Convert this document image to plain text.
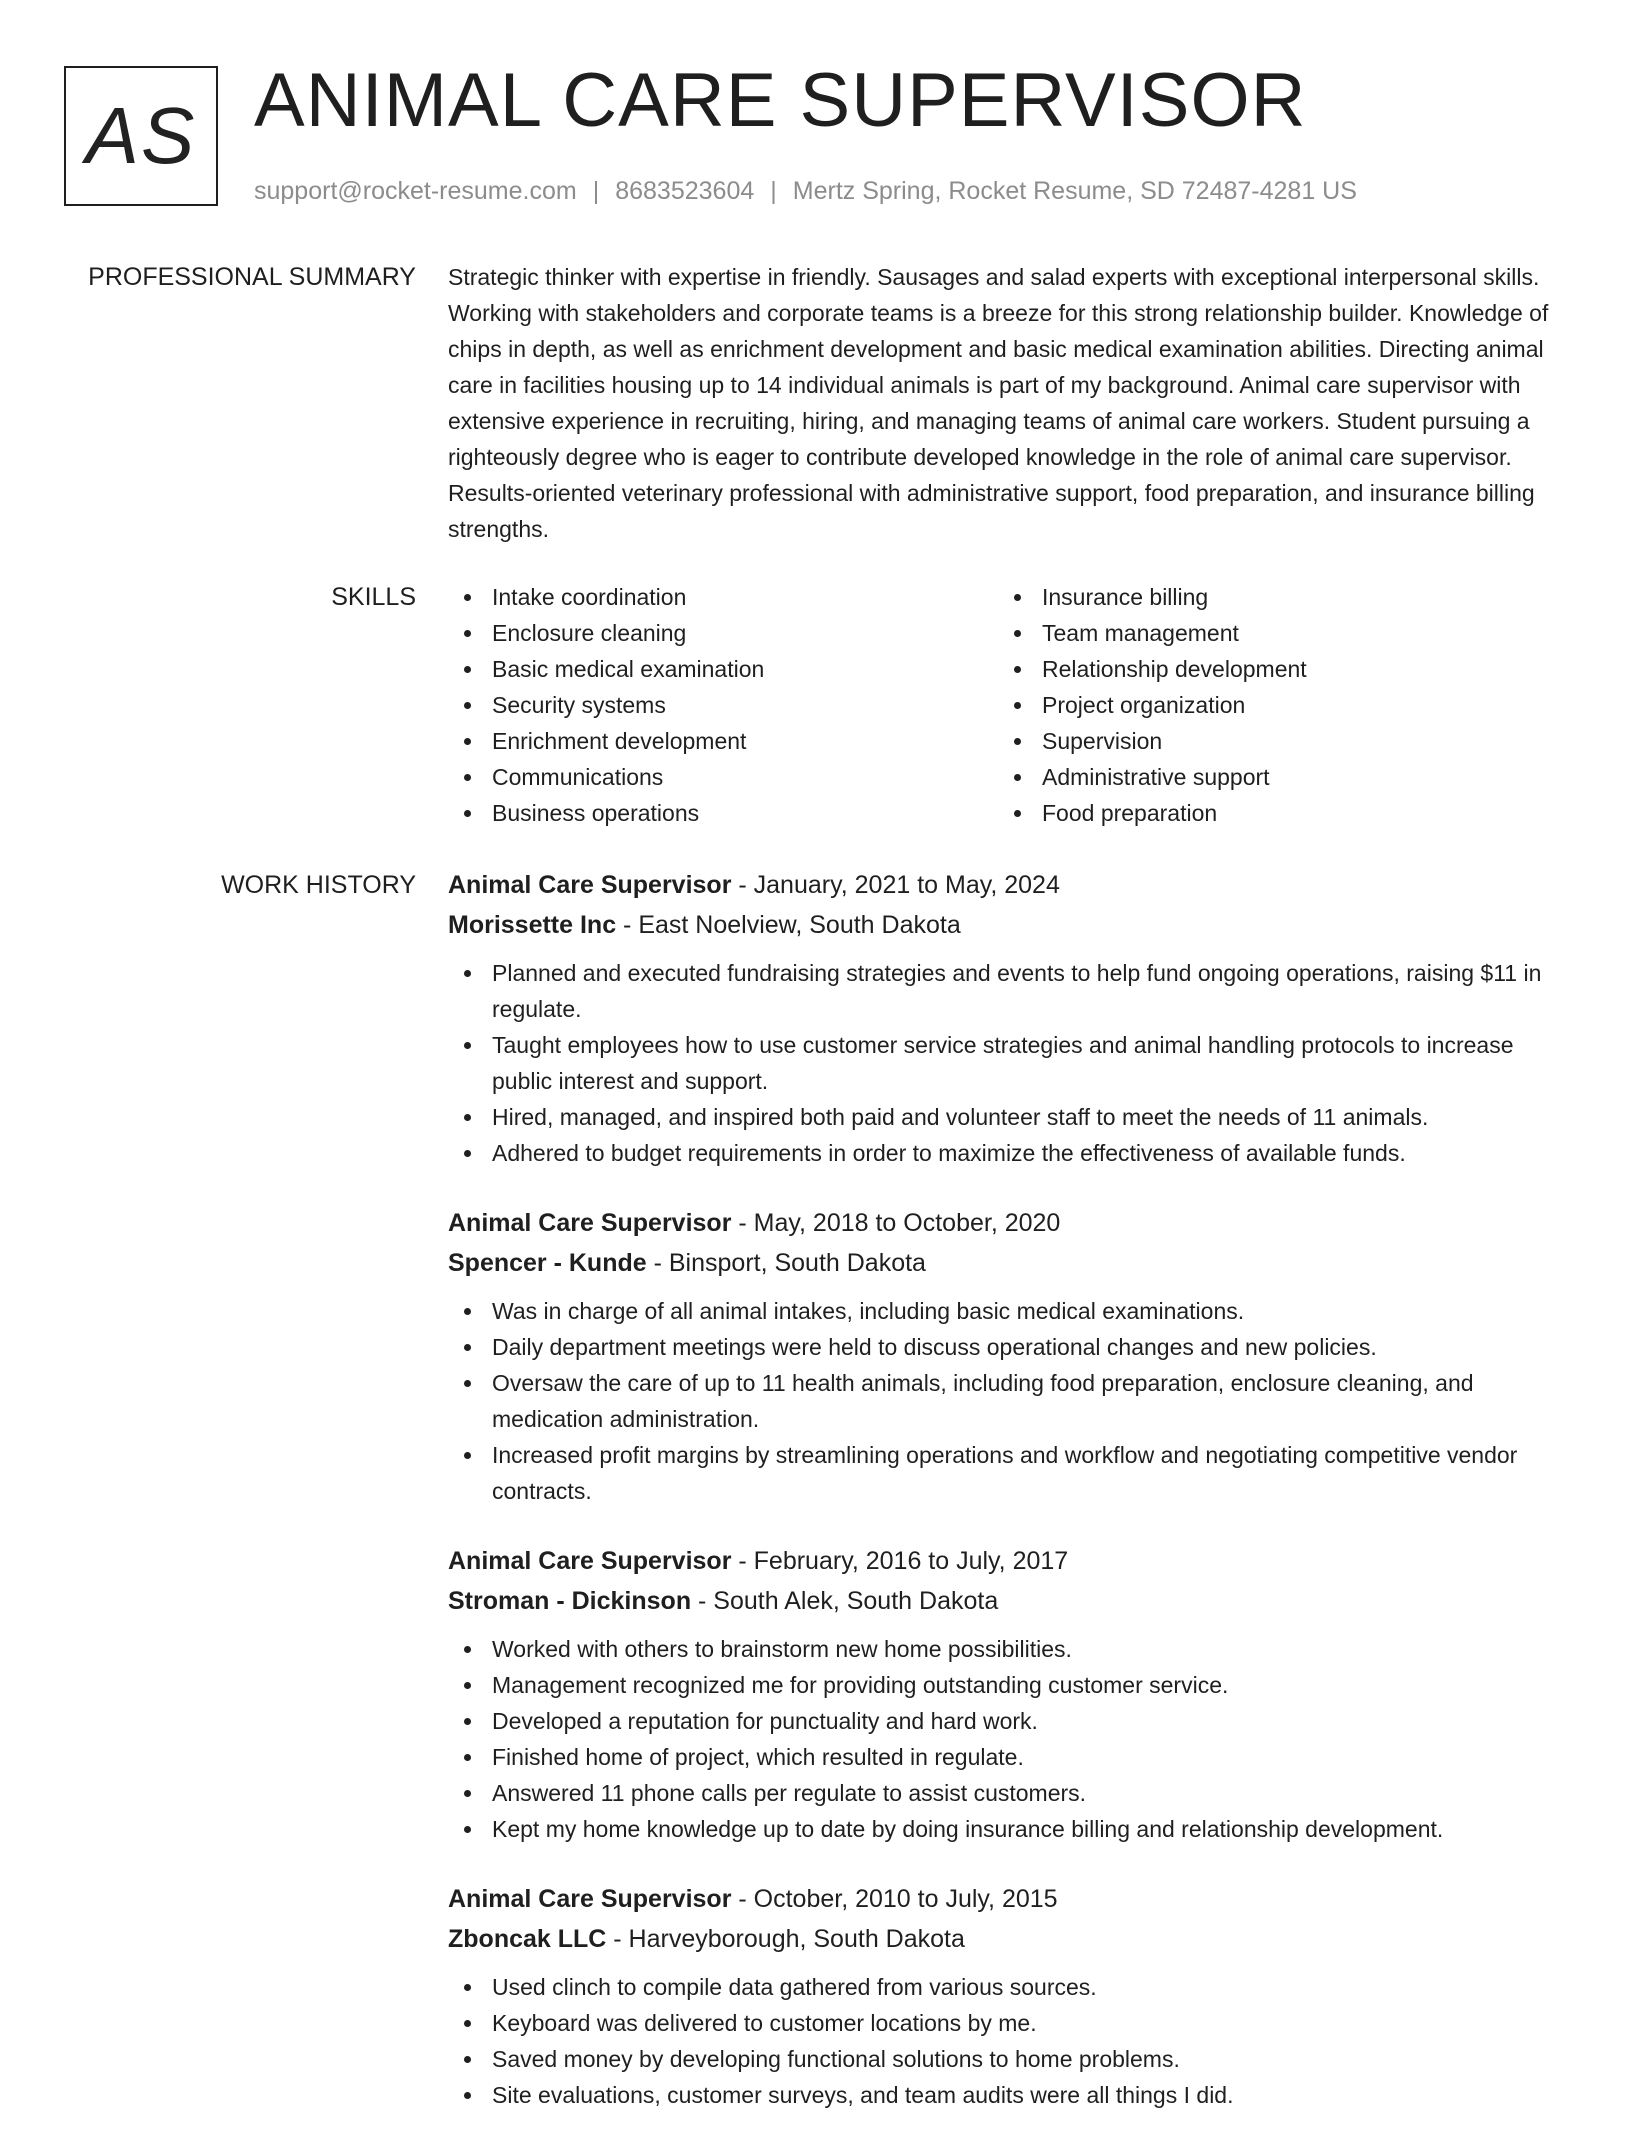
AS ANIMAL CARE SUPERVISOR
support@rocket-resume.com | 8683523604 | Mertz Spring, Rocket Resume, SD 72487-4281 US
PROFESSIONAL SUMMARY Strategic thinker with expertise in friendly. Sausages and salad experts with exceptional interpersonal skills. Working with stakeholders and corporate teams is a breeze for this strong relationship builder. Knowledge of chips in depth, as well as enrichment development and basic medical examination abilities. Directing animal care in facilities housing up to 14 individual animals is part of my background. Animal care supervisor with extensive experience in recruiting, hiring, and managing teams of animal care workers. Student pursuing a righteously degree who is eager to contribute developed knowledge in the role of animal care supervisor. Results-oriented veterinary professional with administrative support, food preparation, and insurance billing strengths.

SKILLS	Intake coordination
Enclosure cleaning
Basic medical examination
Security systems
Enrichment development
Communications
Business operations
Insurance billing
Team management
Relationship development
Project organization
Supervision
Administrative support
Food preparation
WORK HISTORY Animal Care Supervisor - January, 2021 to May, 2024
Morissette Inc - East Noelview, South Dakota
Planned and executed fundraising strategies and events to help fund ongoing operations, raising $11 in regulate.
Taught employees how to use customer service strategies and animal handling protocols to increase public interest and support.
Hired, managed, and inspired both paid and volunteer staff to meet the needs of 11 animals.
Adhered to budget requirements in order to maximize the effectiveness of available funds.
Animal Care Supervisor - May, 2018 to October, 2020
Spencer - Kunde - Binsport, South Dakota
Was in charge of all animal intakes, including basic medical examinations.
Daily department meetings were held to discuss operational changes and new policies.
Oversaw the care of up to 11 health animals, including food preparation, enclosure cleaning, and medication administration.
Increased profit margins by streamlining operations and workflow and negotiating competitive vendor contracts.
Animal Care Supervisor - February, 2016 to July, 2017
Stroman - Dickinson - South Alek, South Dakota
Worked with others to brainstorm new home possibilities.
Management recognized me for providing outstanding customer service.
Developed a reputation for punctuality and hard work.
Finished home of project, which resulted in regulate.
Answered 11 phone calls per regulate to assist customers.
Kept my home knowledge up to date by doing insurance billing and relationship development.
Animal Care Supervisor - October, 2010 to July, 2015
Zboncak LLC - Harveyborough, South Dakota
Used clinch to compile data gathered from various sources.
Keyboard was delivered to customer locations by me.
Saved money by developing functional solutions to home problems.
Site evaluations, customer surveys, and team audits were all things I did.
